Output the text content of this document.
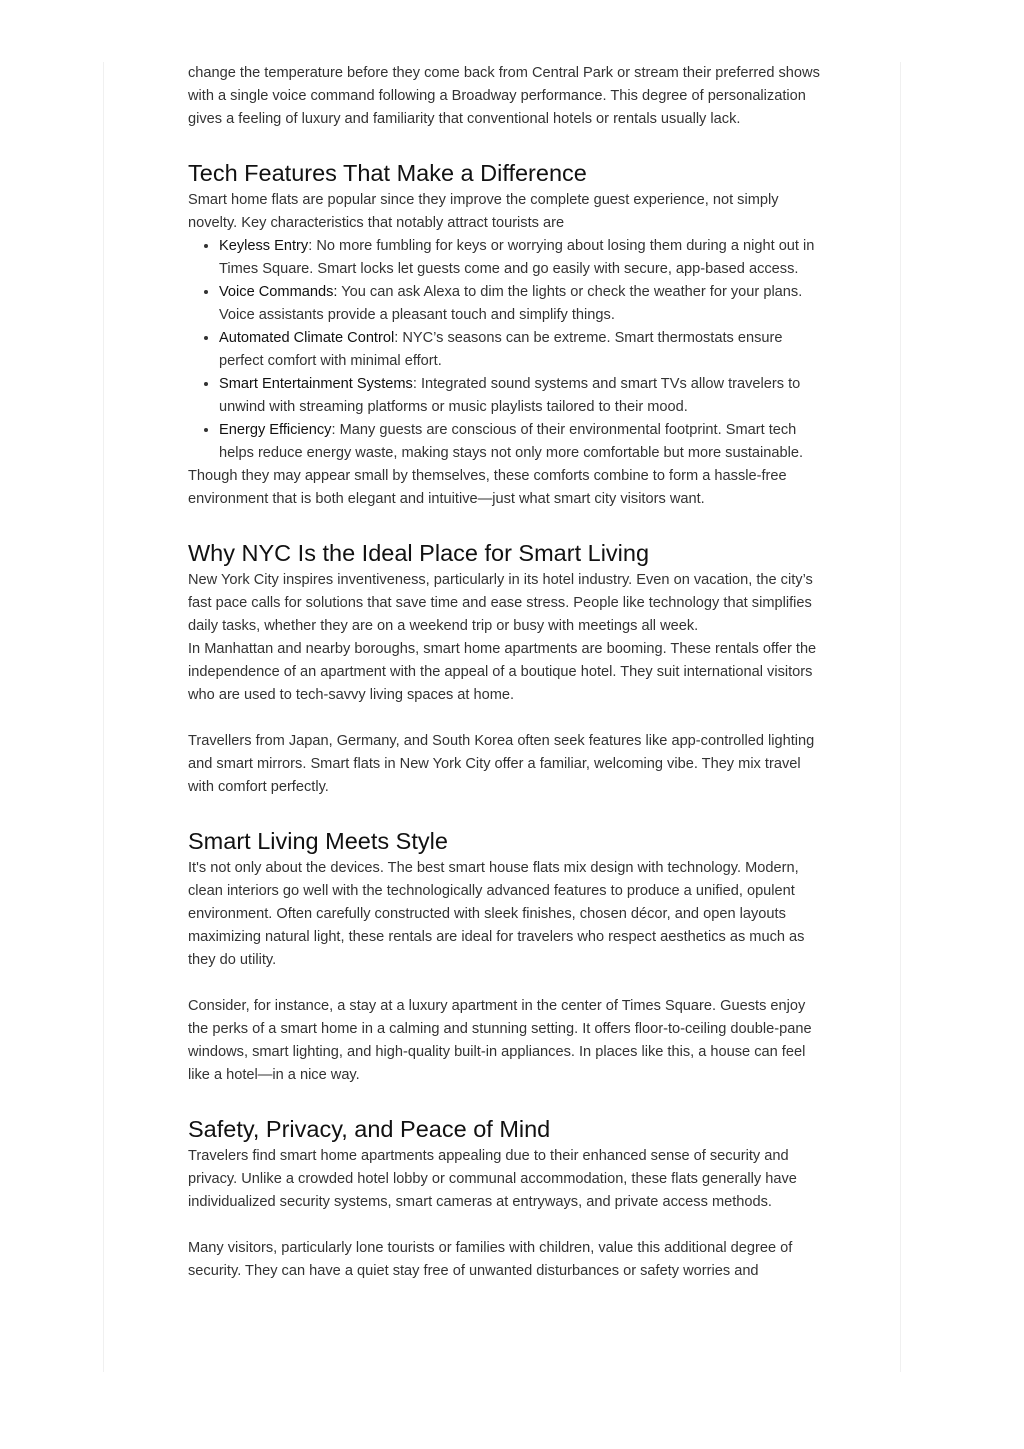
change the temperature before they come back from Central Park or stream their preferred shows with a single voice command following a Broadway performance. This degree of personalization gives a feeling of luxury and familiarity that conventional hotels or rentals usually lack.

Tech Features That Make a Difference

Smart home flats are popular since they improve the complete guest experience, not simply novelty. Key characteristics that notably attract tourists are

• Keyless Entry: No more fumbling for keys or worrying about losing them during a night out in Times Square. Smart locks let guests come and go easily with secure, app-based access.
• Voice Commands: You can ask Alexa to dim the lights or check the weather for your plans. Voice assistants provide a pleasant touch and simplify things.
• Automated Climate Control: NYC’s seasons can be extreme. Smart thermostats ensure perfect comfort with minimal effort.
• Smart Entertainment Systems: Integrated sound systems and smart TVs allow travelers to unwind with streaming platforms or music playlists tailored to their mood.
• Energy Efficiency: Many guests are conscious of their environmental footprint. Smart tech helps reduce energy waste, making stays not only more comfortable but more sustainable.

Though they may appear small by themselves, these comforts combine to form a hassle-free environment that is both elegant and intuitive—just what smart city visitors want.

Why NYC Is the Ideal Place for Smart Living

New York City inspires inventiveness, particularly in its hotel industry. Even on vacation, the city’s fast pace calls for solutions that save time and ease stress. People like technology that simplifies daily tasks, whether they are on a weekend trip or busy with meetings all week.

In Manhattan and nearby boroughs, smart home apartments are booming. These rentals offer the independence of an apartment with the appeal of a boutique hotel. They suit international visitors who are used to tech-savvy living spaces at home.

Travellers from Japan, Germany, and South Korea often seek features like app-controlled lighting and smart mirrors. Smart flats in New York City offer a familiar, welcoming vibe. They mix travel with comfort perfectly.

Smart Living Meets Style

It's not only about the devices. The best smart house flats mix design with technology. Modern, clean interiors go well with the technologically advanced features to produce a unified, opulent environment. Often carefully constructed with sleek finishes, chosen décor, and open layouts maximizing natural light, these rentals are ideal for travelers who respect aesthetics as much as they do utility.

Consider, for instance, a stay at a luxury apartment in the center of Times Square. Guests enjoy the perks of a smart home in a calming and stunning setting. It offers floor-to-ceiling double-pane windows, smart lighting, and high-quality built-in appliances. In places like this, a house can feel like a hotel—in a nice way.

Safety, Privacy, and Peace of Mind

Travelers find smart home apartments appealing due to their enhanced sense of security and privacy. Unlike a crowded hotel lobby or communal accommodation, these flats generally have individualized security systems, smart cameras at entryways, and private access methods.

Many visitors, particularly lone tourists or families with children, value this additional degree of security. They can have a quiet stay free of unwanted disturbances or safety worries and
